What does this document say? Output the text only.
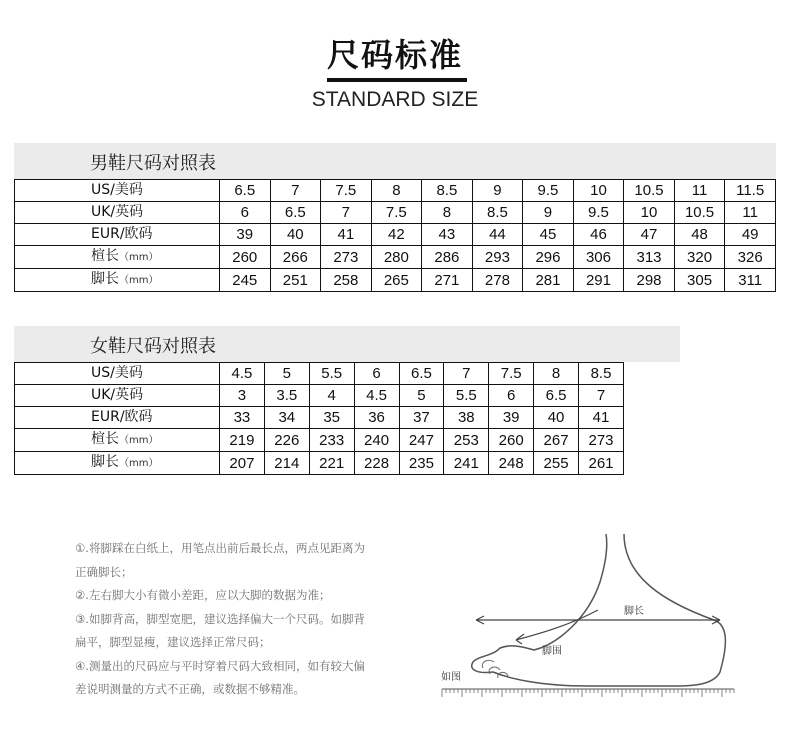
尺码标准
STANDARD SIZE
男鞋尺码对照表
US/美码	6.5	7	7.5	8	8.5	9	9.5	10	10.5	11	11.5
UK/英码	6	6.5	7	7.5	8	8.5	9	9.5	10	10.5	11
EUR/欧码	39	40	41	42	43	44	45	46	47	48	49
楦长（mm）	260	266	273	280	286	293	296	306	313	320	326
脚长（mm）	245	251	258	265	271	278	281	291	298	305	311
女鞋尺码对照表
US/美码	4.5	5	5.5	6	6.5	7	7.5	8	8.5
UK/英码	3	3.5	4	4.5	5	5.5	6	6.5	7
EUR/欧码	33	34	35	36	37	38	39	40	41
楦长（mm）	219	226	233	240	247	253	260	267	273
脚长（mm）	207	214	221	228	235	241	248	255	261

①.将脚踩在白纸上，用笔点出前后最长点，两点见距离为

正确脚长；

②.左右脚大小有微小差距，应以大脚的数据为准；

③.如脚背高，脚型宽肥，建议选择偏大一个尺码。如脚背

扁平，脚型显瘦，建议选择正常尺码；

④.测量出的尺码应与平时穿着尺码大致相同，如有较大偏

差说明测量的方式不正确，或数据不够精准。

脚长
脚围
如图
